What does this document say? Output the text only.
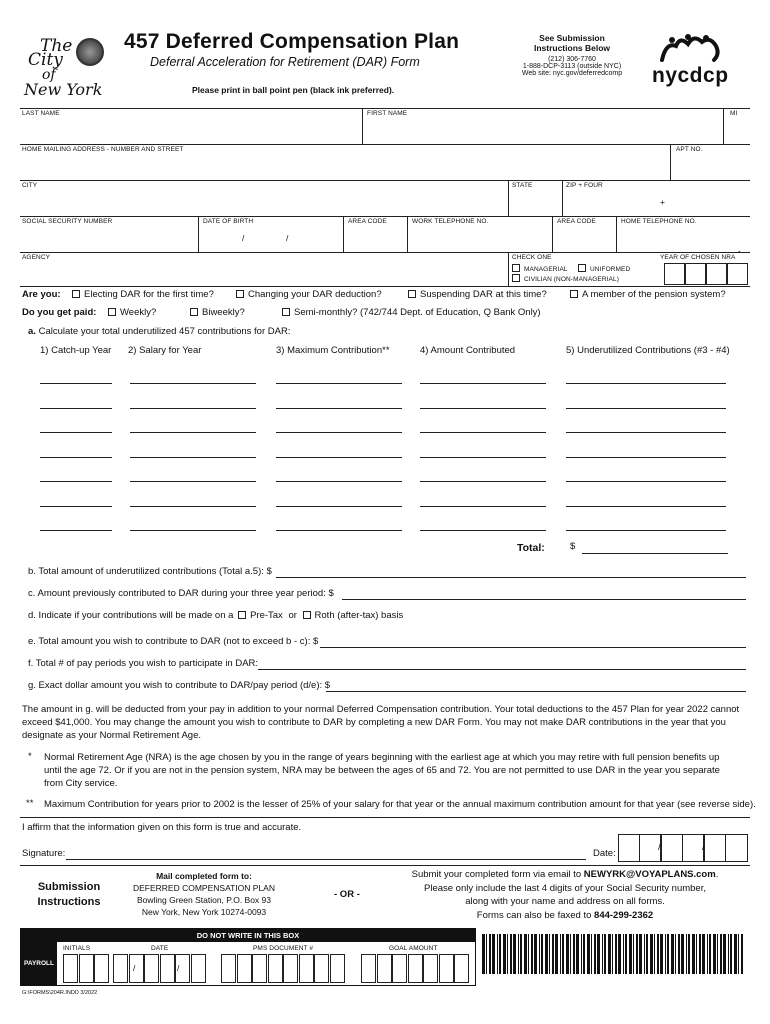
The
City
of
New York
457 Deferred Compensation Plan
Deferral Acceleration for Retirement (DAR) Form
Please print in ball point pen (black ink preferred).
See Submission
Instructions Below
(212) 306-7760
1-888-DCP-3113 (outside NYC)
Web site: nyc.gov/deferredcomp	nycdcp
LAST NAME	FIRST NAME	MI
HOME MAILING ADDRESS - NUMBER AND STREET	APT NO.
CITY	STATE	ZIP + FOUR
+
SOCIAL SECURITY NUMBER	DATE OF BIRTH	AREA CODE	WORK TELEPHONE NO.	AREA CODE	HOME TELEPHONE NO.
/	/
AGENCY	CHECK ONE
MANAGERIAL	UNIFORMED
CIVILIAN (NON-MANAGERIAL)
YEAR OF CHOSEN NRA
*
Are you:	Electing DAR for the first time?	Changing your DAR deduction?	Suspending DAR at this time?	A member of the pension system?
Do you get paid:	Weekly?	Biweekly?	Semi-monthly? (742/744 Dept. of Education, Q Bank Only)
a. Calculate your total underutilized 457 contributions for DAR:
1) Catch-up Year 2) Salary for Year	3) Maximum Contribution**	4) Amount Contributed	5) Underutilized Contributions (#3 - #4)
Total:	$
b. Total amount of underutilized contributions (Total a.5): $
c. Amount previously contributed to DAR during your three year period: $
d. Indicate if your contributions will be made on a Pre-Tax or Roth (after-tax) basis
e. Total amount you wish to contribute to DAR (not to exceed b - c): $
f. Total # of pay periods you wish to participate in DAR:
g. Exact dollar amount you wish to contribute to DAR/pay period (d/e): $
The amount in g. will be deducted from your pay in addition to your normal Deferred Compensation contribution. Your total deductions to the 457 Plan for year 2022 cannot exceed $41,000. You may change the amount you wish to contribute to DAR by completing a new DAR Form. You may not make DAR contributions in the year that you designate as your Normal Retirement Age.
* Normal Retirement Age (NRA) is the age chosen by you in the range of years beginning with the earliest age at which you may retire with full pension benefits up until the age 72. Or if you are not in the pension system, NRA may be between the ages of 65 and 72. You are not permitted to use DAR in the year you separate from City service.
** Maximum Contribution for years prior to 2002 is the lesser of 25% of your salary for that year or the annual maximum contribution amount for that year (see reverse side).
I affirm that the information given on this form is true and accurate.
Signature:	Date:
/	/
Submission
Instructions
Mail completed form to:
DEFERRED COMPENSATION PLAN
Bowling Green Station, P.O. Box 93
New York, New York 10274-0093
- OR -
Submit your completed form via email to NEWYRK@VOYAPLANS.com.
Please only include the last 4 digits of your Social Security number,
along with your name and address on all forms.
Forms can also be faxed to 844-299-2362
DO NOT WRITE IN THIS BOX
PAYROLL
INITIALS	DATE	PMS DOCUMENT #	GOAL AMOUNT
/	/
G:\FORMS\204R.INDD 3/2022
